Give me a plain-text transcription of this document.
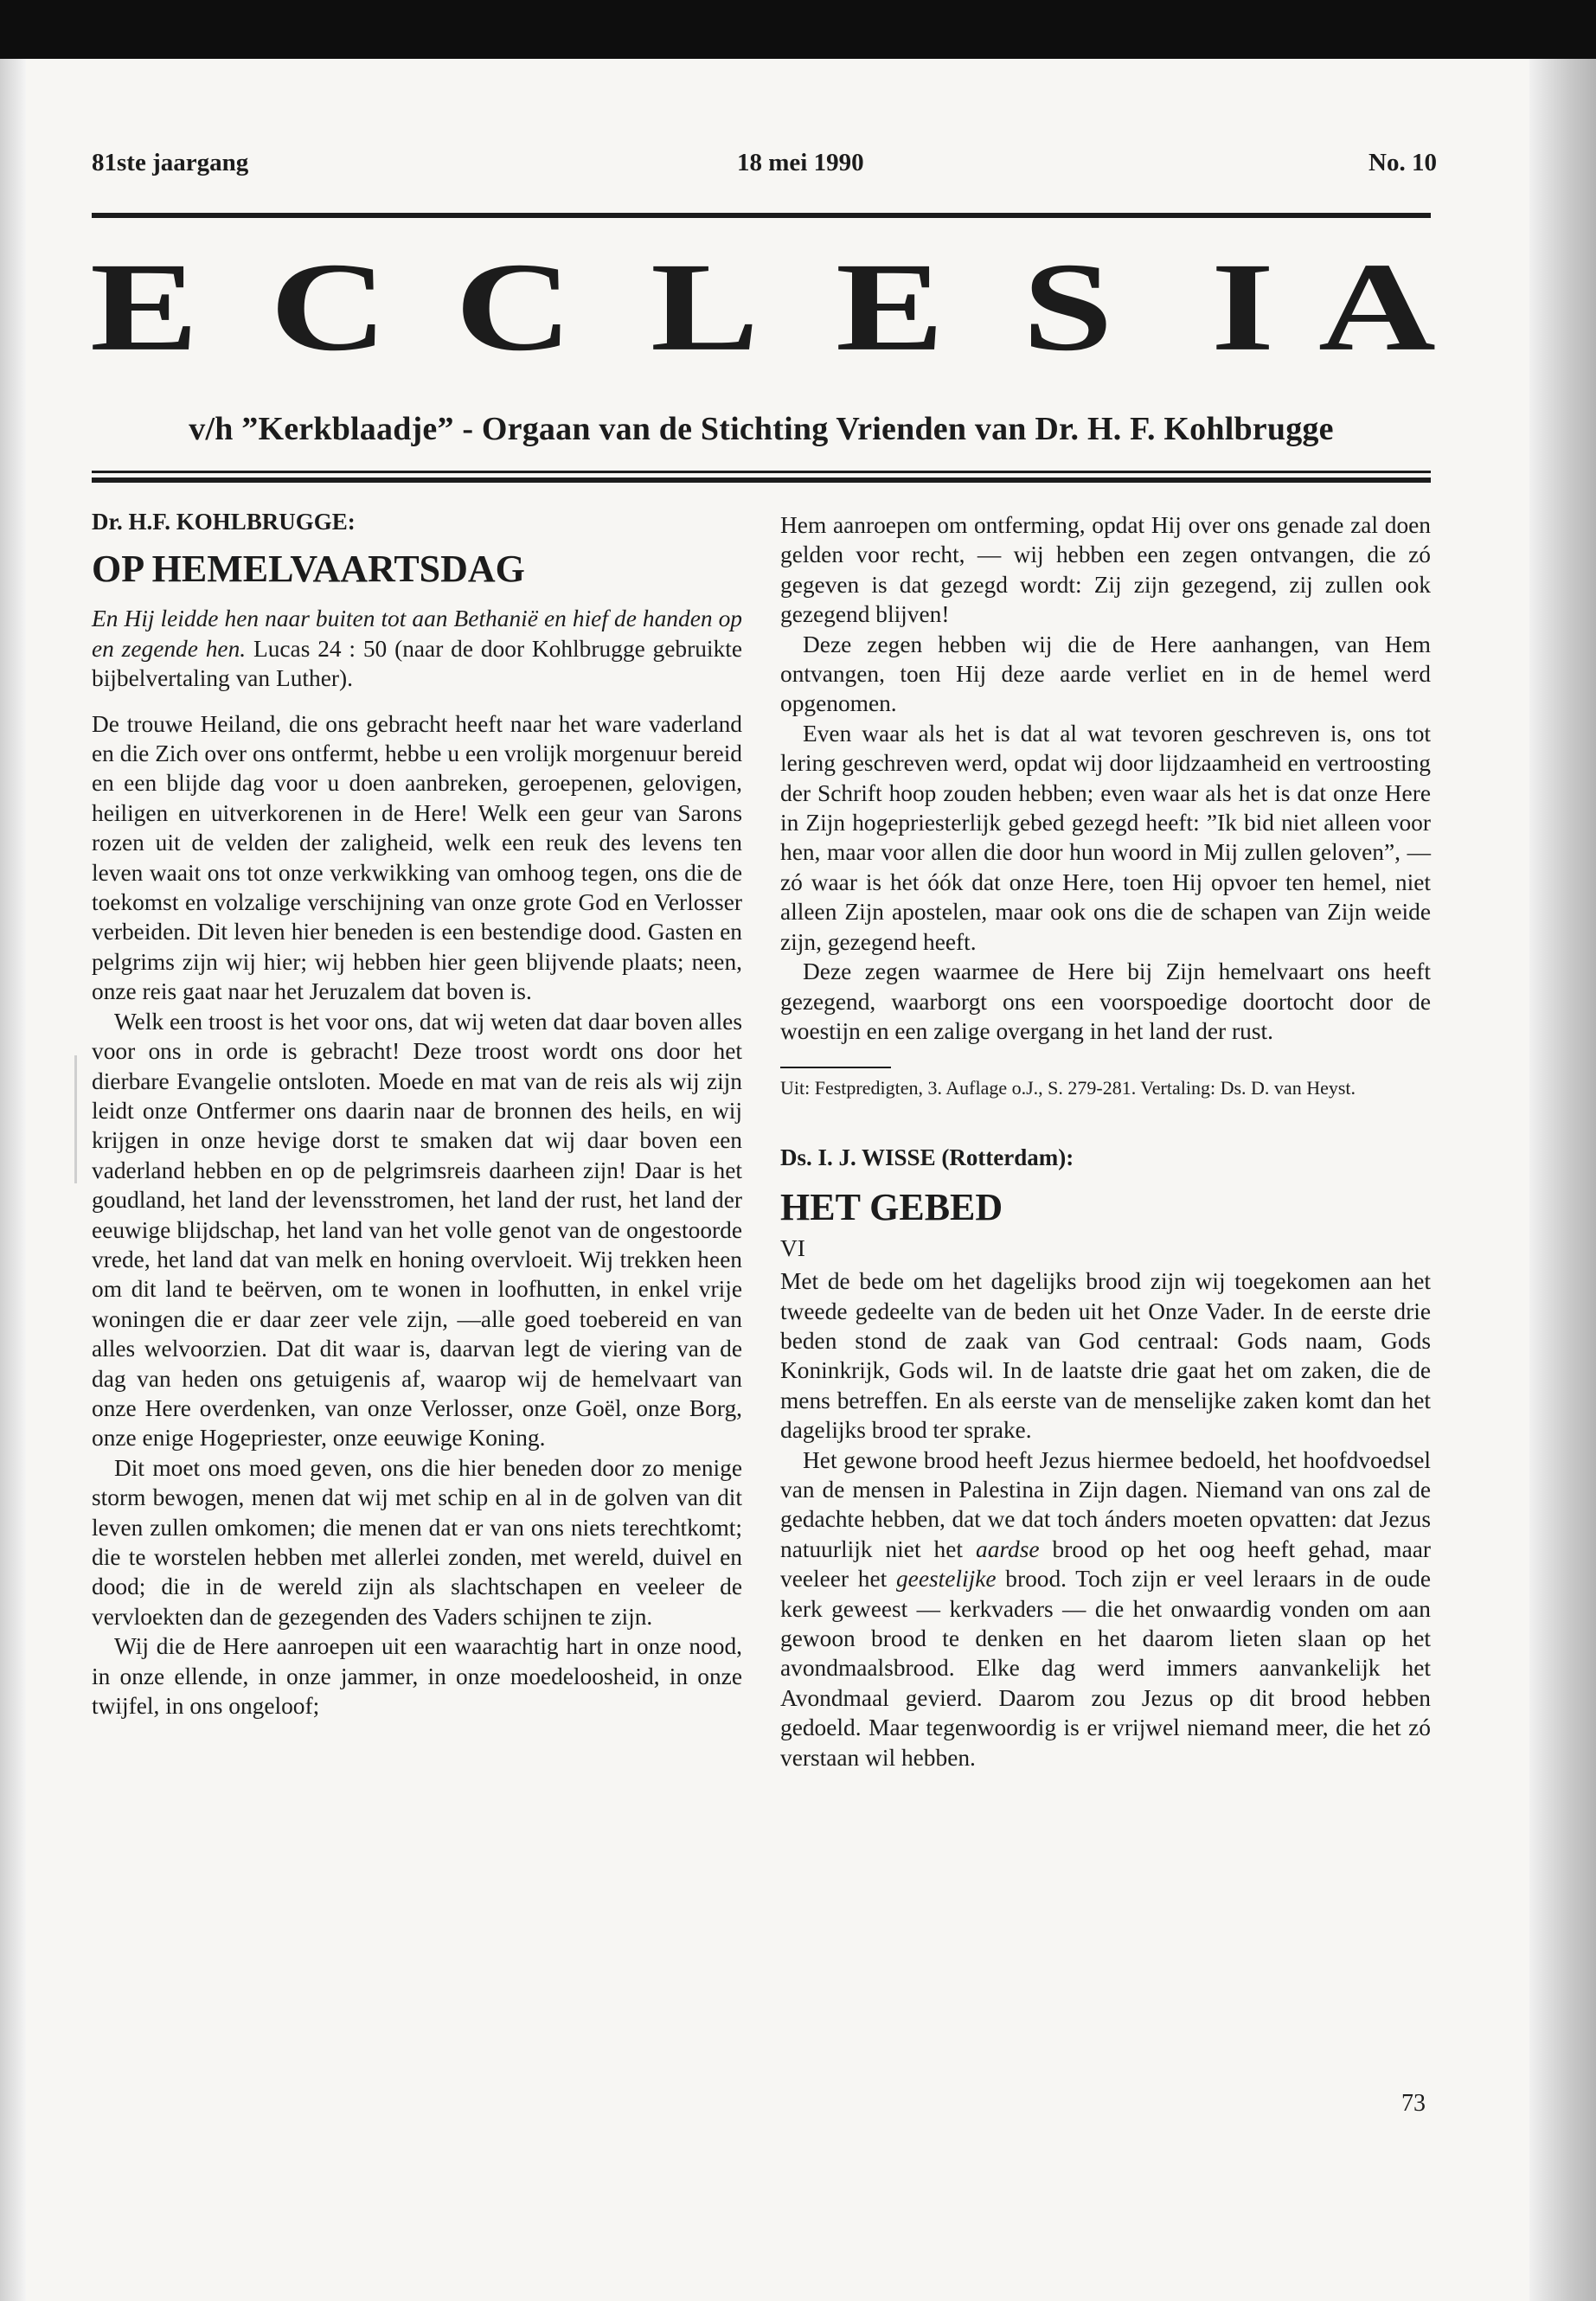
81ste jaargang	18 mei 1990	No. 10
E C C L E S I A
v/h ”Kerkblaadje” - Orgaan van de Stichting Vrienden van Dr. H. F. Kohlbrugge

Dr. H.F. KOHLBRUGGE:

OP HEMELVAARTSDAG

En Hij leidde hen naar buiten tot aan Bethanië en hief de handen op en zegende hen. Lucas 24 : 50 (naar de door Kohlbrugge gebruikte bijbelvertaling van Luther).

De trouwe Heiland, die ons gebracht heeft naar het ware vaderland en die Zich over ons ontfermt, hebbe u een vrolijk morgenuur bereid en een blijde dag voor u doen aanbreken, geroepenen, gelovigen, heiligen en uitverkorenen in de Here! Welk een geur van Sarons rozen uit de velden der zaligheid, welk een reuk des levens ten leven waait ons tot onze verkwikking van omhoog tegen, ons die de toekomst en volzalige verschijning van onze grote God en Verlosser verbeiden. Dit leven hier beneden is een bestendige dood. Gasten en pelgrims zijn wij hier; wij hebben hier geen blijvende plaats; neen, onze reis gaat naar het Jeruzalem dat boven is.

Welk een troost is het voor ons, dat wij weten dat daar boven alles voor ons in orde is gebracht! Deze troost wordt ons door het dierbare Evangelie ontsloten. Moede en mat van de reis als wij zijn leidt onze Ontfermer ons daarin naar de bronnen des heils, en wij krijgen in onze hevige dorst te smaken dat wij daar boven een vaderland hebben en op de pelgrimsreis daarheen zijn! Daar is het goudland, het land der levensstromen, het land der rust, het land der eeuwige blijdschap, het land van het volle genot van de ongestoorde vrede, het land dat van melk en honing overvloeit. Wij trekken heen om dit land te beërven, om te wonen in loofhutten, in enkel vrije woningen die er daar zeer vele zijn, —alle goed toebereid en van alles welvoorzien. Dat dit waar is, daarvan legt de viering van de dag van heden ons getuigenis af, waarop wij de hemelvaart van onze Here overdenken, van onze Verlosser, onze Goël, onze Borg, onze enige Hogepriester, onze eeuwige Koning.

Dit moet ons moed geven, ons die hier beneden door zo menige storm bewogen, menen dat wij met schip en al in de golven van dit leven zullen omkomen; die menen dat er van ons niets terechtkomt; die te worstelen hebben met allerlei zonden, met wereld, duivel en dood; die in de wereld zijn als slachtschapen en veeleer de vervloekten dan de gezegenden des Vaders schijnen te zijn.

Wij die de Here aanroepen uit een waarachtig hart in onze nood, in onze ellende, in onze jammer, in onze moedeloosheid, in onze twijfel, in ons ongeloof;

Hem aanroepen om ontferming, opdat Hij over ons genade zal doen gelden voor recht, — wij hebben een zegen ontvangen, die zó gegeven is dat gezegd wordt: Zij zijn gezegend, zij zullen ook gezegend blijven!

Deze zegen hebben wij die de Here aanhangen, van Hem ontvangen, toen Hij deze aarde verliet en in de hemel werd opgenomen.

Even waar als het is dat al wat tevoren geschreven is, ons tot lering geschreven werd, opdat wij door lijdzaamheid en vertroosting der Schrift hoop zouden hebben; even waar als het is dat onze Here in Zijn hogepriesterlijk gebed gezegd heeft: ”Ik bid niet alleen voor hen, maar voor allen die door hun woord in Mij zullen geloven”, — zó waar is het óók dat onze Here, toen Hij opvoer ten hemel, niet alleen Zijn apostelen, maar ook ons die de schapen van Zijn weide zijn, gezegend heeft.

Deze zegen waarmee de Here bij Zijn hemelvaart ons heeft gezegend, waarborgt ons een voorspoedige doortocht door de woestijn en een zalige overgang in het land der rust.

Uit: Festpredigten, 3. Auflage o.J., S. 279-281. Vertaling: Ds. D. van Heyst.

Ds. I. J. WISSE (Rotterdam):

HET GEBED

VI

Met de bede om het dagelijks brood zijn wij toegekomen aan het tweede gedeelte van de beden uit het Onze Vader. In de eerste drie beden stond de zaak van God centraal: Gods naam, Gods Koninkrijk, Gods wil. In de laatste drie gaat het om zaken, die de mens betreffen. En als eerste van de menselijke zaken komt dan het dagelijks brood ter sprake.

Het gewone brood heeft Jezus hiermee bedoeld, het hoofdvoedsel van de mensen in Palestina in Zijn dagen. Niemand van ons zal de gedachte hebben, dat we dat toch ánders moeten opvatten: dat Jezus natuurlijk niet het aardse brood op het oog heeft gehad, maar veeleer het geestelijke brood. Toch zijn er veel leraars in de oude kerk geweest — kerkvaders — die het onwaardig vonden om aan gewoon brood te denken en het daarom lieten slaan op het avondmaalsbrood. Elke dag werd immers aanvankelijk het Avondmaal gevierd. Daarom zou Jezus op dit brood hebben gedoeld. Maar tegenwoordig is er vrijwel niemand meer, die het zó verstaan wil hebben.

73
